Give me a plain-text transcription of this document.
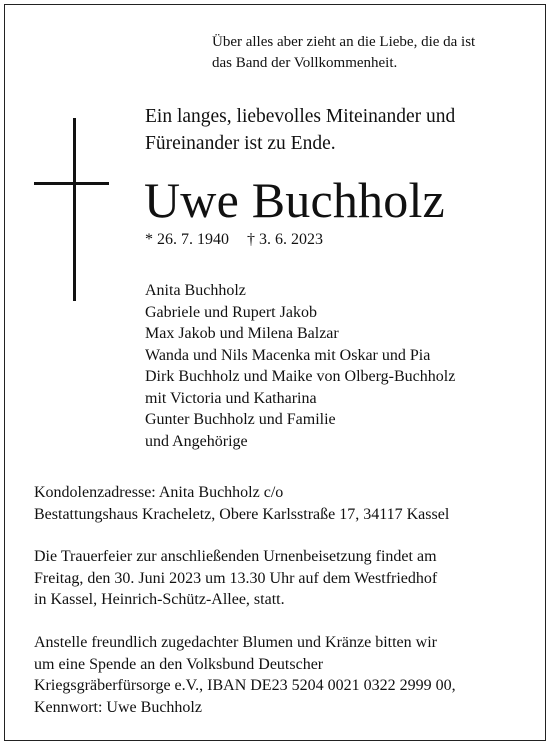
Über alles aber zieht an die Liebe, die da ist
das Band der Vollkommenheit.
Ein langes, liebevolles Miteinander und
Füreinander ist zu Ende.
Uwe Buchholz
* 26. 7. 1940 † 3. 6. 2023
Anita Buchholz
Gabriele und Rupert Jakob
Max Jakob und Milena Balzar
Wanda und Nils Macenka mit Oskar und Pia
Dirk Buchholz und Maike von Olberg-Buchholz
mit Victoria und Katharina
Gunter Buchholz und Familie
und Angehörige
Kondolenzadresse: Anita Buchholz c/o
Bestattungshaus Kracheletz, Obere Karlsstraße 17, 34117 Kassel
Die Trauerfeier zur anschließenden Urnenbeisetzung findet am
Freitag, den 30. Juni 2023 um 13.30 Uhr auf dem Westfriedhof
in Kassel, Heinrich-Schütz-Allee, statt.
Anstelle freundlich zugedachter Blumen und Kränze bitten wir
um eine Spende an den Volksbund Deutscher
Kriegsgräberfürsorge e.V., IBAN DE23 5204 0021 0322 2999 00,
Kennwort: Uwe Buchholz
